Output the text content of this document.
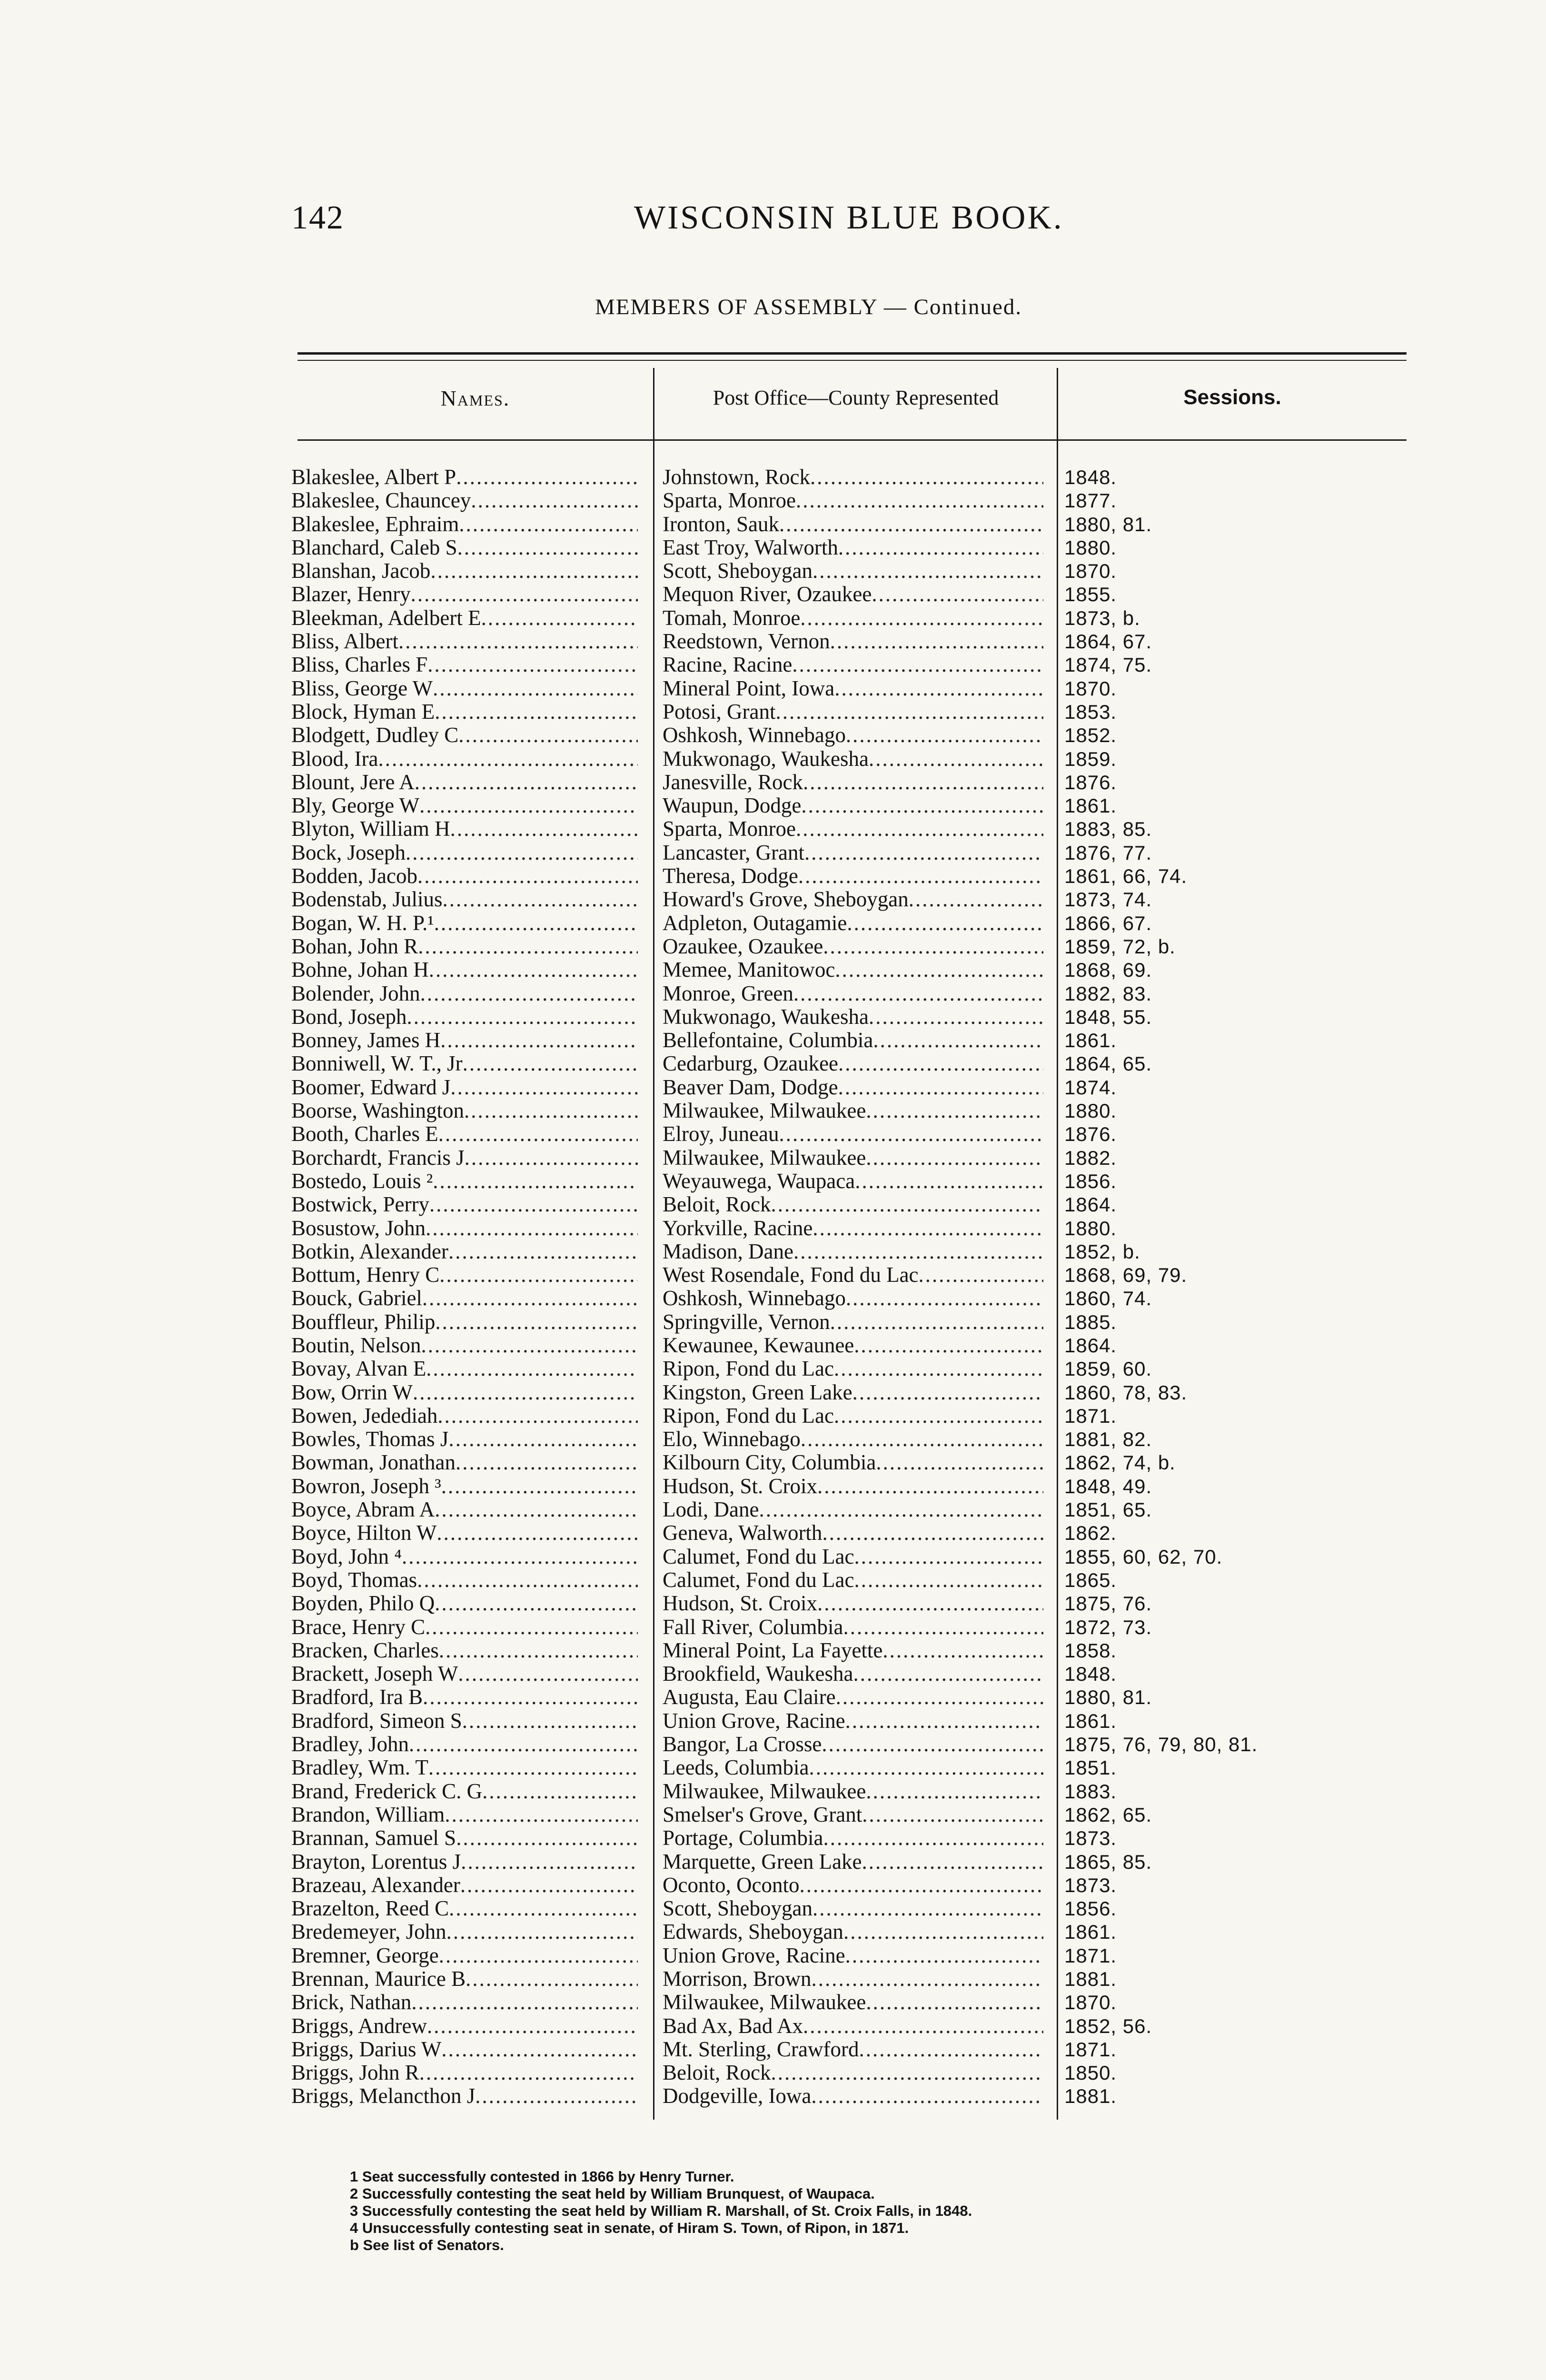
142	WISCONSIN BLUE BOOK.
MEMBERS OF ASSEMBLY — Continued.
Names.	Post Office—County Represented	Sessions.
Blakeslee, Albert P .....	Johnstown, Rock .....	1848.
Blakeslee, Chauncey .....	Sparta, Monroe .....	1877.
Blakeslee, Ephraim .....	Ironton, Sauk .....	1880, 81.
Blanchard, Caleb S .....	East Troy, Walworth .....	1880.
Blanshan, Jacob .....	Scott, Sheboygan .....	1870.
Blazer, Henry .....	Mequon River, Ozaukee .....	1855.
Bleekman, Adelbert E .....	Tomah, Monroe .....	1873, b.
Bliss, Albert .....	Reedstown, Vernon .....	1864, 67.
Bliss, Charles F .....	Racine, Racine .....	1874, 75.
Bliss, George W .....	Mineral Point, Iowa .....	1870.
Block, Hyman E .....	Potosi, Grant .....	1853.
Blodgett, Dudley C .....	Oshkosh, Winnebago .....	1852.
Blood, Ira .....	Mukwonago, Waukesha .....	1859.
Blount, Jere A .....	Janesville, Rock .....	1876.
Bly, George W .....	Waupun, Dodge .....	1861.
Blyton, William H .....	Sparta, Monroe .....	1883, 85.
Bock, Joseph .....	Lancaster, Grant .....	1876, 77.
Bodden, Jacob .....	Theresa, Dodge .....	1861, 66, 74.
Bodenstab, Julius .....	Howard's Grove, Sheboygan .....	1873, 74.
Bogan, W. H. P.¹ .....	Adpleton, Outagamie .....	1866, 67.
Bohan, John R .....	Ozaukee, Ozaukee .....	1859, 72, b.
Bohne, Johan H .....	Memee, Manitowoc .....	1868, 69.
Bolender, John .....	Monroe, Green .....	1882, 83.
Bond, Joseph .....	Mukwonago, Waukesha .....	1848, 55.
Bonney, James H .....	Bellefontaine, Columbia .....	1861.
Bonniwell, W. T., Jr .....	Cedarburg, Ozaukee .....	1864, 65.
Boomer, Edward J .....	Beaver Dam, Dodge .....	1874.
Boorse, Washington .....	Milwaukee, Milwaukee .....	1880.
Booth, Charles E .....	Elroy, Juneau .....	1876.
Borchardt, Francis J .....	Milwaukee, Milwaukee .....	1882.
Bostedo, Louis ² .....	Weyauwega, Waupaca .....	1856.
Bostwick, Perry .....	Beloit, Rock .....	1864.
Bosustow, John .....	Yorkville, Racine .....	1880.
Botkin, Alexander .....	Madison, Dane .....	1852, b.
Bottum, Henry C .....	West Rosendale, Fond du Lac .....	1868, 69, 79.
Bouck, Gabriel .....	Oshkosh, Winnebago .....	1860, 74.
Bouffleur, Philip .....	Springville, Vernon .....	1885.
Boutin, Nelson .....	Kewaunee, Kewaunee .....	1864.
Bovay, Alvan E .....	Ripon, Fond du Lac .....	1859, 60.
Bow, Orrin W .....	Kingston, Green Lake .....	1860, 78, 83.
Bowen, Jedediah .....	Ripon, Fond du Lac .....	1871.
Bowles, Thomas J .....	Elo, Winnebago .....	1881, 82.
Bowman, Jonathan .....	Kilbourn City, Columbia .....	1862, 74, b.
Bowron, Joseph ³ .....	Hudson, St. Croix .....	1848, 49.
Boyce, Abram A .....	Lodi, Dane .....	1851, 65.
Boyce, Hilton W .....	Geneva, Walworth .....	1862.
Boyd, John ⁴ .....	Calumet, Fond du Lac .....	1855, 60, 62, 70.
Boyd, Thomas .....	Calumet, Fond du Lac .....	1865.
Boyden, Philo Q .....	Hudson, St. Croix .....	1875, 76.
Brace, Henry C .....	Fall River, Columbia .....	1872, 73.
Bracken, Charles .....	Mineral Point, La Fayette .....	1858.
Brackett, Joseph W .....	Brookfield, Waukesha .....	1848.
Bradford, Ira B .....	Augusta, Eau Claire .....	1880, 81.
Bradford, Simeon S .....	Union Grove, Racine .....	1861.
Bradley, John .....	Bangor, La Crosse .....	1875, 76, 79, 80, 81.
Bradley, Wm. T .....	Leeds, Columbia .....	1851.
Brand, Frederick C. G .....	Milwaukee, Milwaukee .....	1883.
Brandon, William .....	Smelser's Grove, Grant .....	1862, 65.
Brannan, Samuel S .....	Portage, Columbia .....	1873.
Brayton, Lorentus J .....	Marquette, Green Lake .....	1865, 85.
Brazeau, Alexander .....	Oconto, Oconto .....	1873.
Brazelton, Reed C .....	Scott, Sheboygan .....	1856.
Bredemeyer, John .....	Edwards, Sheboygan .....	1861.
Bremner, George .....	Union Grove, Racine .....	1871.
Brennan, Maurice B .....	Morrison, Brown .....	1881.
Brick, Nathan .....	Milwaukee, Milwaukee .....	1870.
Briggs, Andrew .....	Bad Ax, Bad Ax .....	1852, 56.
Briggs, Darius W .....	Mt. Sterling, Crawford .....	1871.
Briggs, John R .....	Beloit, Rock .....	1850.
Briggs, Melancthon J .....	Dodgeville, Iowa .....	1881.
1 Seat successfully contested in 1866 by Henry Turner.
2 Successfully contesting the seat held by William Brunquest, of Waupaca.
3 Successfully contesting the seat held by William R. Marshall, of St. Croix Falls, in 1848.
4 Unsuccessfully contesting seat in senate, of Hiram S. Town, of Ripon, in 1871.
b See list of Senators.
